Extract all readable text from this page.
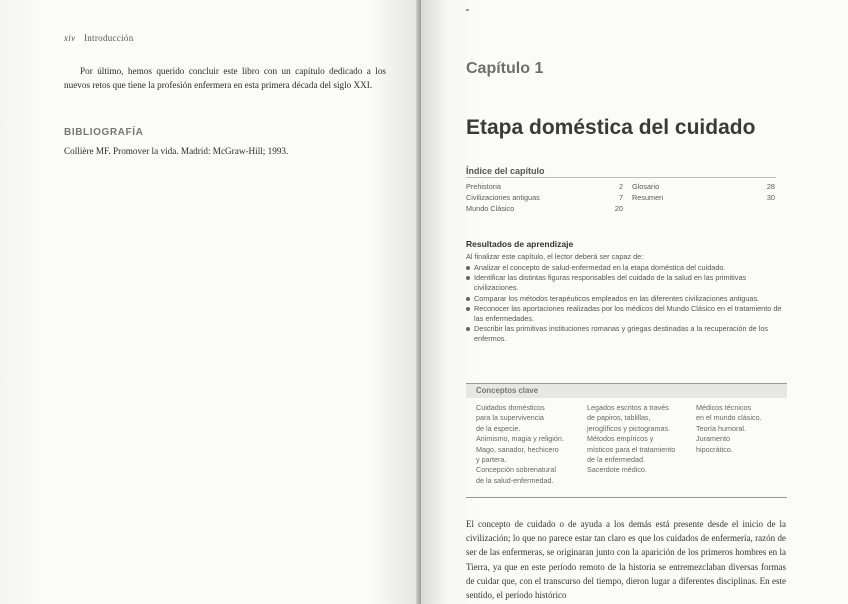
xiv Introducción

Por último, hemos querido concluir este libro con un capítulo dedicado a los nuevos retos que tiene la profesión enfermera en esta primera década del siglo XXI.

BIBLIOGRAFÍA

Collière MF. Promover la vida. Madrid: McGraw-Hill; 1993.

Capítulo 1
Etapa doméstica del cuidado
Índice del capítulo
Prehistoria	2
Civilizaciones antiguas	7
Mundo Clásico	20
Glosario	28
Resumen	30
Resultados de aprendizaje

Al finalizar este capítulo, el lector deberá ser capaz de:

Analizar el concepto de salud-enfermedad en la etapa doméstica del cuidado.
Identificar las distintas figuras responsables del cuidado de la salud en las primitivas civilizaciones.
Comparar los métodos terapéuticos empleados en las diferentes civilizaciones antiguas.
Reconocer las aportaciones realizadas por los médicos del Mundo Clásico en el tratamiento de las enfermedades.
Describir las primitivas instituciones romanas y griegas destinadas a la recuperación de los enfermos.
Conceptos clave
Cuidados domésticos
para la supervivencia
de la especie.
Animismo, magia y religión.
Mago, sanador, hechicero
y partera.
Concepción sobrenatural
de la salud-enfermedad.
Legados escritos a través
de papiros, tablillas,
jeroglíficos y pictogramas.
Métodos empíricos y
místicos para el tratamiento
de la enfermedad.
Sacerdote médico.
Médicos técnicos
en el mundo clásico.
Teoría humoral.
Juramento
hipocrático.

El concepto de cuidado o de ayuda a los demás está presente desde el inicio de la civilización; lo que no parece estar tan claro es que los cuidados de enfermería, razón de ser de las enfermeras, se originaran junto con la aparición de los primeros hombres en la Tierra, ya que en este período remoto de la historia se entremezclaban diversas formas de cuidar que, con el transcurso del tiempo, dieron lugar a diferentes disciplinas. En este sentido, el período histórico
